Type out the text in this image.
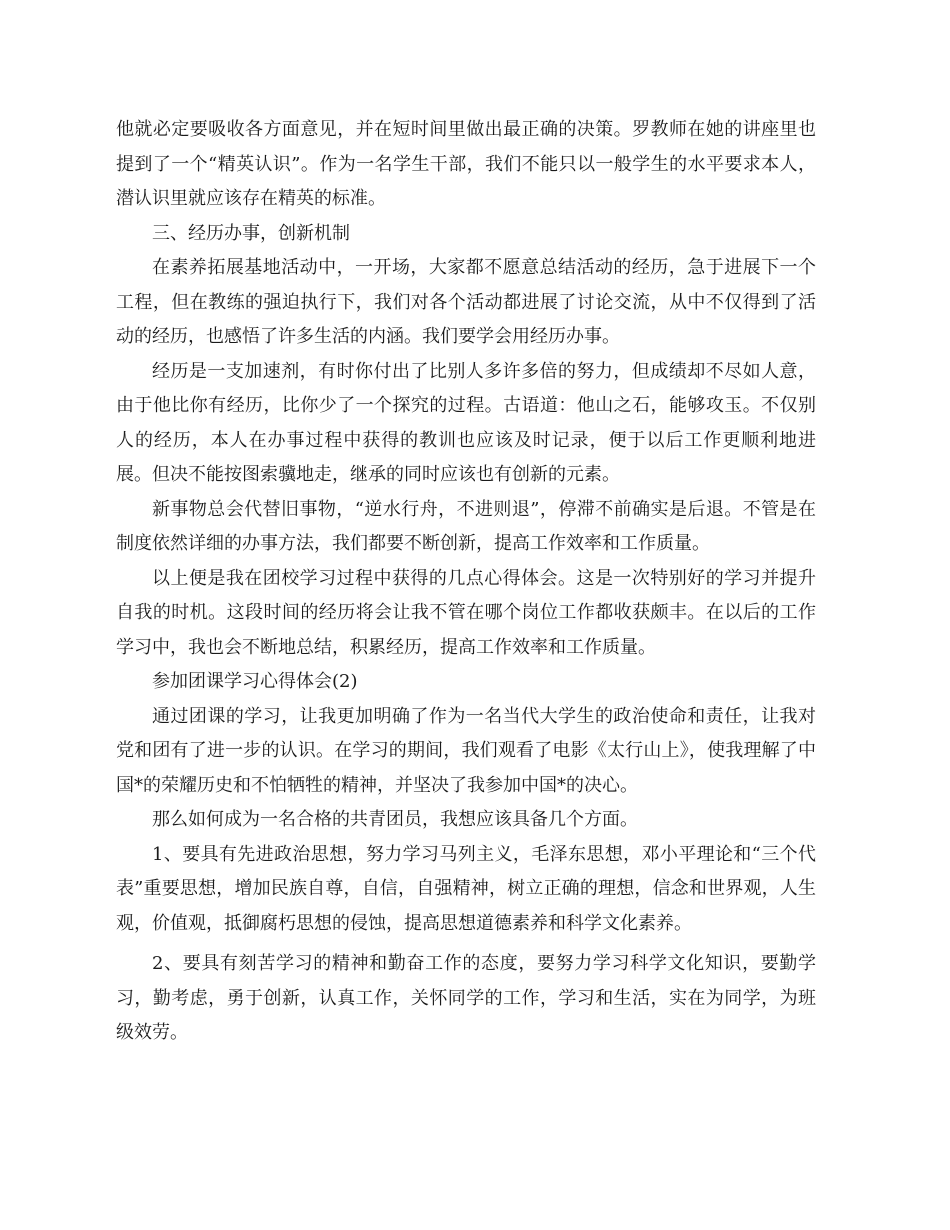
他就必定要吸收各方面意见，并在短时间里做出最正确的决策。罗教师在她的讲座里也提到了一个“精英认识”。作为一名学生干部，我们不能只以一般学生的水平要求本人，潜认识里就应该存在精英的标准。

三、经历办事，创新机制

在素养拓展基地活动中，一开场，大家都不愿意总结活动的经历，急于进展下一个工程，但在教练的强迫执行下，我们对各个活动都进展了讨论交流，从中不仅得到了活动的经历，也感悟了许多生活的内涵。我们要学会用经历办事。

经历是一支加速剂，有时你付出了比别人多许多倍的努力，但成绩却不尽如人意，由于他比你有经历，比你少了一个探究的过程。古语道：他山之石，能够攻玉。不仅别人的经历，本人在办事过程中获得的教训也应该及时记录，便于以后工作更顺利地进展。但决不能按图索骥地走，继承的同时应该也有创新的元素。

新事物总会代替旧事物，“逆水行舟，不进则退”，停滞不前确实是后退。不管是在制度依然详细的办事方法，我们都要不断创新，提高工作效率和工作质量。

以上便是我在团校学习过程中获得的几点心得体会。这是一次特别好的学习并提升自我的时机。这段时间的经历将会让我不管在哪个岗位工作都收获颇丰。在以后的工作学习中，我也会不断地总结，积累经历，提高工作效率和工作质量。

参加团课学习心得体会(2)

通过团课的学习，让我更加明确了作为一名当代大学生的政治使命和责任，让我对党和团有了进一步的认识。在学习的期间，我们观看了电影《太行山上》，使我理解了中国*的荣耀历史和不怕牺牲的精神，并坚决了我参加中国*的决心。

那么如何成为一名合格的共青团员，我想应该具备几个方面。

1、要具有先进政治思想，努力学习马列主义，毛泽东思想，邓小平理论和“三个代表”重要思想，增加民族自尊，自信，自强精神，树立正确的理想，信念和世界观，人生观，价值观，抵御腐朽思想的侵蚀，提高思想道德素养和科学文化素养。

2、要具有刻苦学习的精神和勤奋工作的态度，要努力学习科学文化知识，要勤学习，勤考虑，勇于创新，认真工作，关怀同学的工作，学习和生活，实在为同学，为班级效劳。
